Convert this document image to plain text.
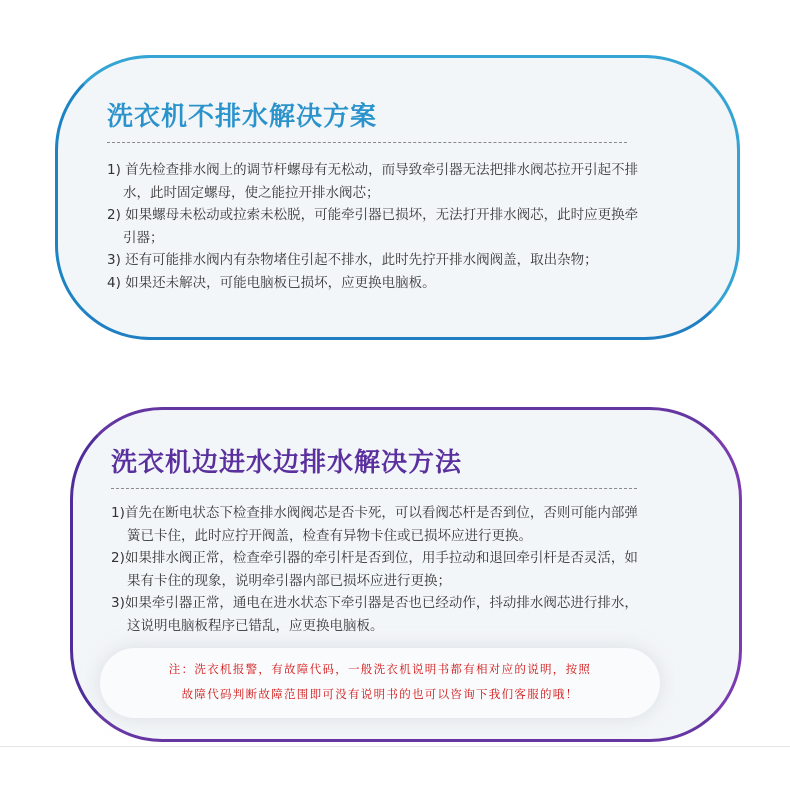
洗衣机不排水解决方案
1) 首先检查排水阀上的调节杆螺母有无松动，而导致牵引器无法把排水阀芯拉开引起不排水，此时固定螺母，使之能拉开排水阀芯；
2) 如果螺母未松动或拉索未松脱，可能牵引器已损坏，无法打开排水阀芯，此时应更换牵引器；
3) 还有可能排水阀内有杂物堵住引起不排水，此时先拧开排水阀阀盖，取出杂物；
4) 如果还未解决，可能电脑板已损坏，应更换电脑板。
洗衣机边进水边排水解决方法
1)首先在断电状态下检查排水阀阀芯是否卡死，可以看阀芯杆是否到位，否则可能内部弹簧已卡住，此时应拧开阀盖，检查有异物卡住或已损坏应进行更换。
2)如果排水阀正常，检查牵引器的牵引杆是否到位，用手拉动和退回牵引杆是否灵活，如果有卡住的现象，说明牵引器内部已损坏应进行更换；
3)如果牵引器正常，通电在进水状态下牵引器是否也已经动作，抖动排水阀芯进行排水，这说明电脑板程序已错乱，应更换电脑板。
注：洗衣机报警，有故障代码，一般洗衣机说明书都有相对应的说明，按照
故障代码判断故障范围即可没有说明书的也可以咨询下我们客服的哦！
